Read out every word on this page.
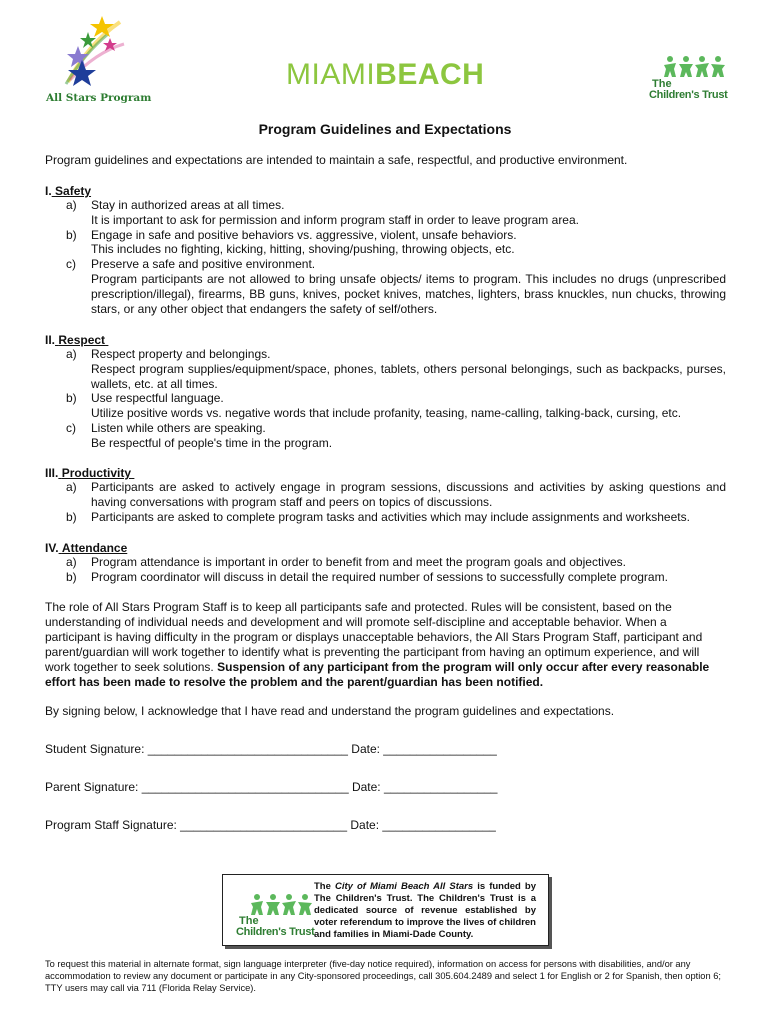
All Stars Program
MIAMIBEACH	The
Children's Trust
Program Guidelines and Expectations
Program guidelines and expectations are intended to maintain a safe, respectful, and productive environment.
I. Safety
a) Stay in authorized areas at all times.
It is important to ask for permission and inform program staff in order to leave program area.
b) Engage in safe and positive behaviors vs. aggressive, violent, unsafe behaviors.
This includes no fighting, kicking, hitting, shoving/pushing, throwing objects, etc.
c) Preserve a safe and positive environment.
Program participants are not allowed to bring unsafe objects/ items to program. This includes no drugs (unprescribed prescription/illegal), firearms, BB guns, knives, pocket knives, matches, lighters, brass knuckles, nun chucks, throwing stars, or any other object that endangers the safety of self/others.
II. Respect
a) Respect property and belongings.
Respect program supplies/equipment/space, phones, tablets, others personal belongings, such as backpacks, purses, wallets, etc. at all times.
b) Use respectful language.
Utilize positive words vs. negative words that include profanity, teasing, name-calling, talking-back, cursing, etc.
c) Listen while others are speaking.
Be respectful of people's time in the program.
III. Productivity
a) Participants are asked to actively engage in program sessions, discussions and activities by asking questions and having conversations with program staff and peers on topics of discussions.
b) Participants are asked to complete program tasks and activities which may include assignments and worksheets.
IV. Attendance
a) Program attendance is important in order to benefit from and meet the program goals and objectives.
b) Program coordinator will discuss in detail the required number of sessions to successfully complete program.
The role of All Stars Program Staff is to keep all participants safe and protected. Rules will be consistent, based on the understanding of individual needs and development and will promote self-discipline and acceptable behavior. When a participant is having difficulty in the program or displays unacceptable behaviors, the All Stars Program Staff, participant and parent/guardian will work together to identify what is preventing the participant from having an optimum experience, and will work together to seek solutions. Suspension of any participant from the program will only occur after every reasonable effort has been made to resolve the problem and the parent/guardian has been notified.
By signing below, I acknowledge that I have read and understand the program guidelines and expectations.
Student Signature: ______________________________ Date: _________________
Parent Signature: _______________________________ Date: _________________
Program Staff Signature: _________________________ Date: _________________
The
Children's Trust
The City of Miami Beach All Stars is funded by The Children's Trust. The Children's Trust is a dedicated source of revenue established by voter referendum to improve the lives of children and families in Miami-Dade County.
To request this material in alternate format, sign language interpreter (five-day notice required), information on access for persons with disabilities, and/or any accommodation to review any document or participate in any City-sponsored proceedings, call 305.604.2489 and select 1 for English or 2 for Spanish, then option 6; TTY users may call via 711 (Florida Relay Service).
